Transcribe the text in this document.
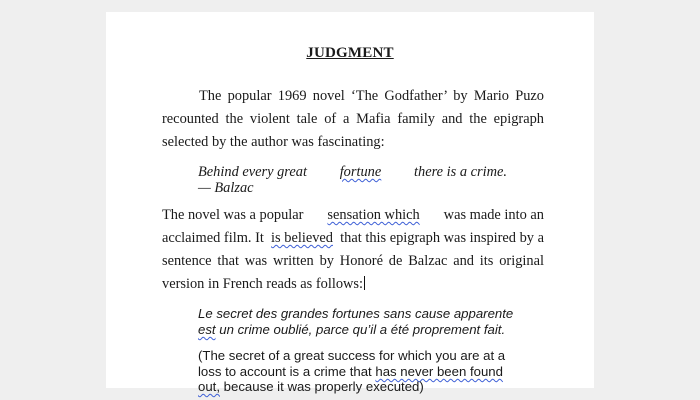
JUDGMENT
The popular 1969 novel ‘The Godfather’ by Mario Puzo
recounted the violent tale of a Mafia family and the epigraph
selected by the author was fascinating:
Behind every great fortune there is a crime.
— Balzac
The novel was a popular sensation which was made into an
acclaimed film. It is believed that this epigraph was inspired by a
sentence that was written by Honoré de Balzac and its original
version in French reads as follows:
Le secret des grandes fortunes sans cause apparente
est un crime oublié, parce qu’il a été proprement fait.
(The secret of a great success for which you are at a
loss to account is a crime that has never been found
out, because it was properly executed)
